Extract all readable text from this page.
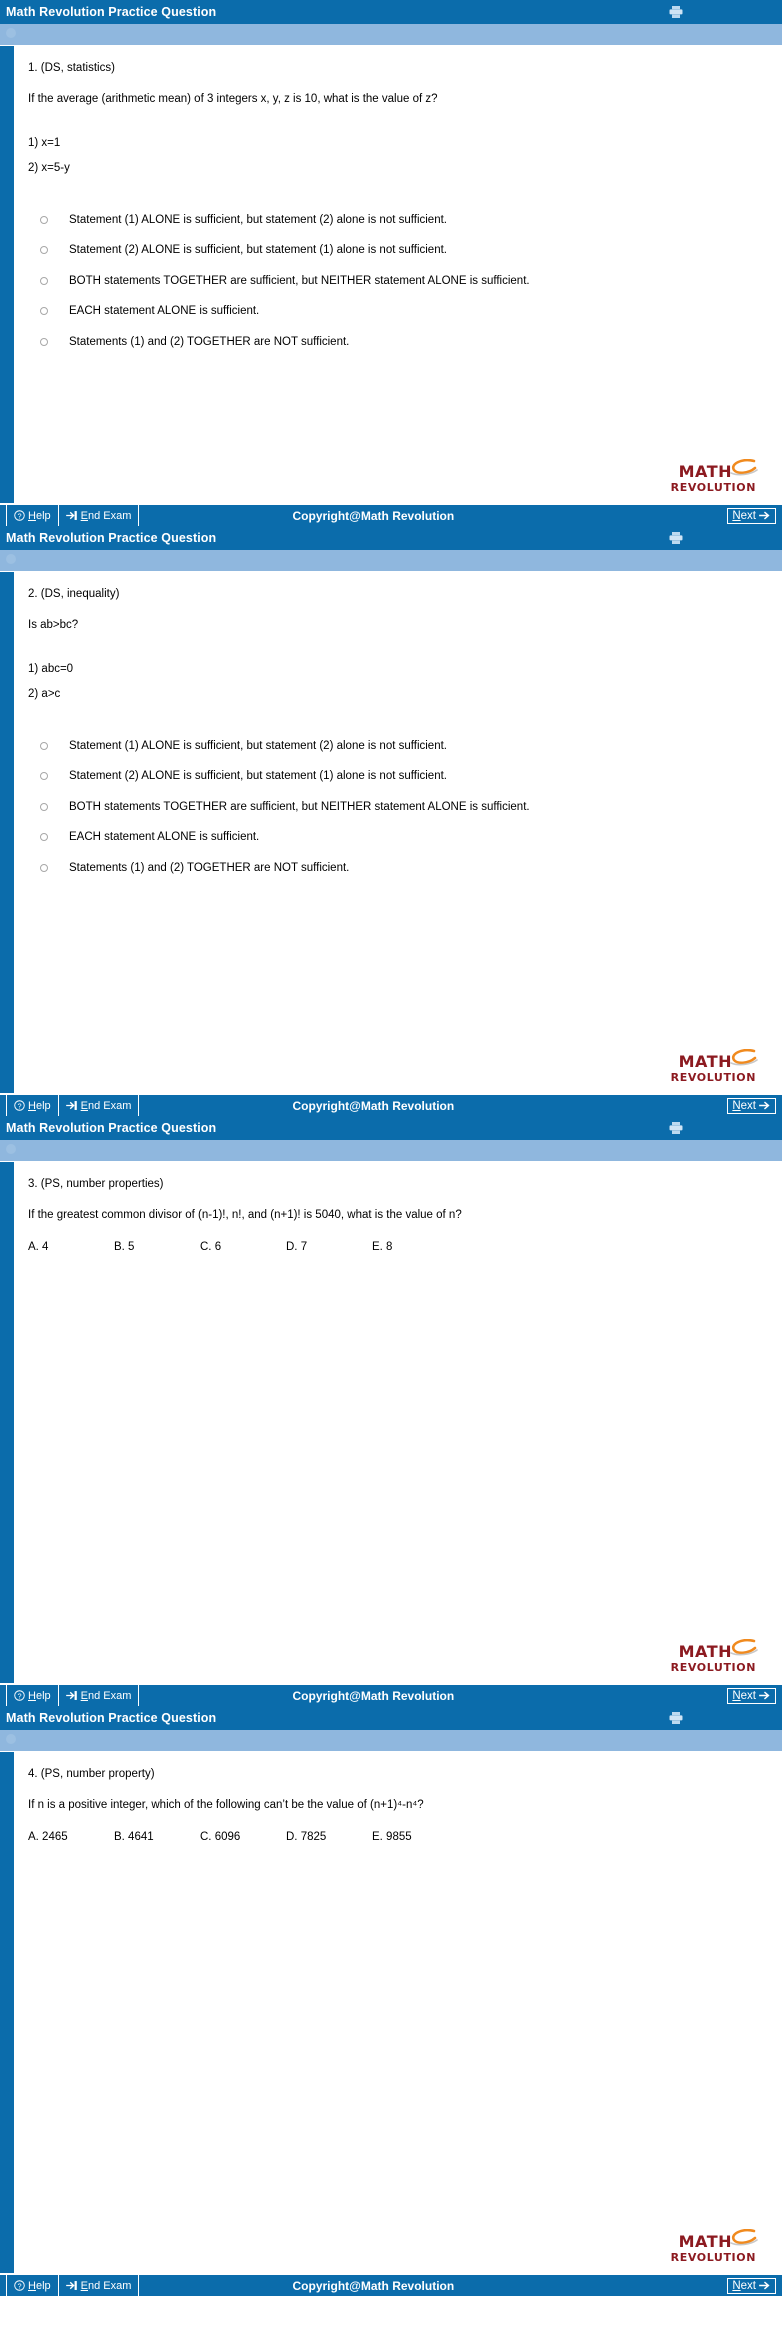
Math Revolution Practice Question
1. (DS, statistics)
If the average (arithmetic mean) of 3 integers x, y, z is 10, what is the value of z?
1) x=1
2) x=5-y
Statement (1) ALONE is sufficient, but statement (2) alone is not sufficient.
Statement (2) ALONE is sufficient, but statement (1) alone is not sufficient.
BOTH statements TOGETHER are sufficient, but NEITHER statement ALONE is sufficient.
EACH statement ALONE is sufficient.
Statements (1) and (2) TOGETHER are NOT sufficient.
MATH
REVOLUTION
? Help	End Exam	Copyright@Math Revolution	Next
Math Revolution Practice Question
2. (DS, inequality)
Is ab>bc?
1) abc=0
2) a>c
Statement (1) ALONE is sufficient, but statement (2) alone is not sufficient.
Statement (2) ALONE is sufficient, but statement (1) alone is not sufficient.
BOTH statements TOGETHER are sufficient, but NEITHER statement ALONE is sufficient.
EACH statement ALONE is sufficient.
Statements (1) and (2) TOGETHER are NOT sufficient.
MATH
REVOLUTION
? Help	End Exam	Copyright@Math Revolution	Next
Math Revolution Practice Question
3. (PS, number properties)
If the greatest common divisor of (n-1)!, n!, and (n+1)! is 5040, what is the value of n?
A. 4	B. 5	C. 6	D. 7	E. 8
MATH
REVOLUTION
? Help	End Exam	Copyright@Math Revolution	Next
Math Revolution Practice Question
4. (PS, number property)
If n is a positive integer, which of the following can’t be the value of (n+1)⁴-n⁴?
A. 2465	B. 4641	C. 6096	D. 7825	E. 9855
MATH
REVOLUTION
? Help	End Exam	Copyright@Math Revolution	Next
